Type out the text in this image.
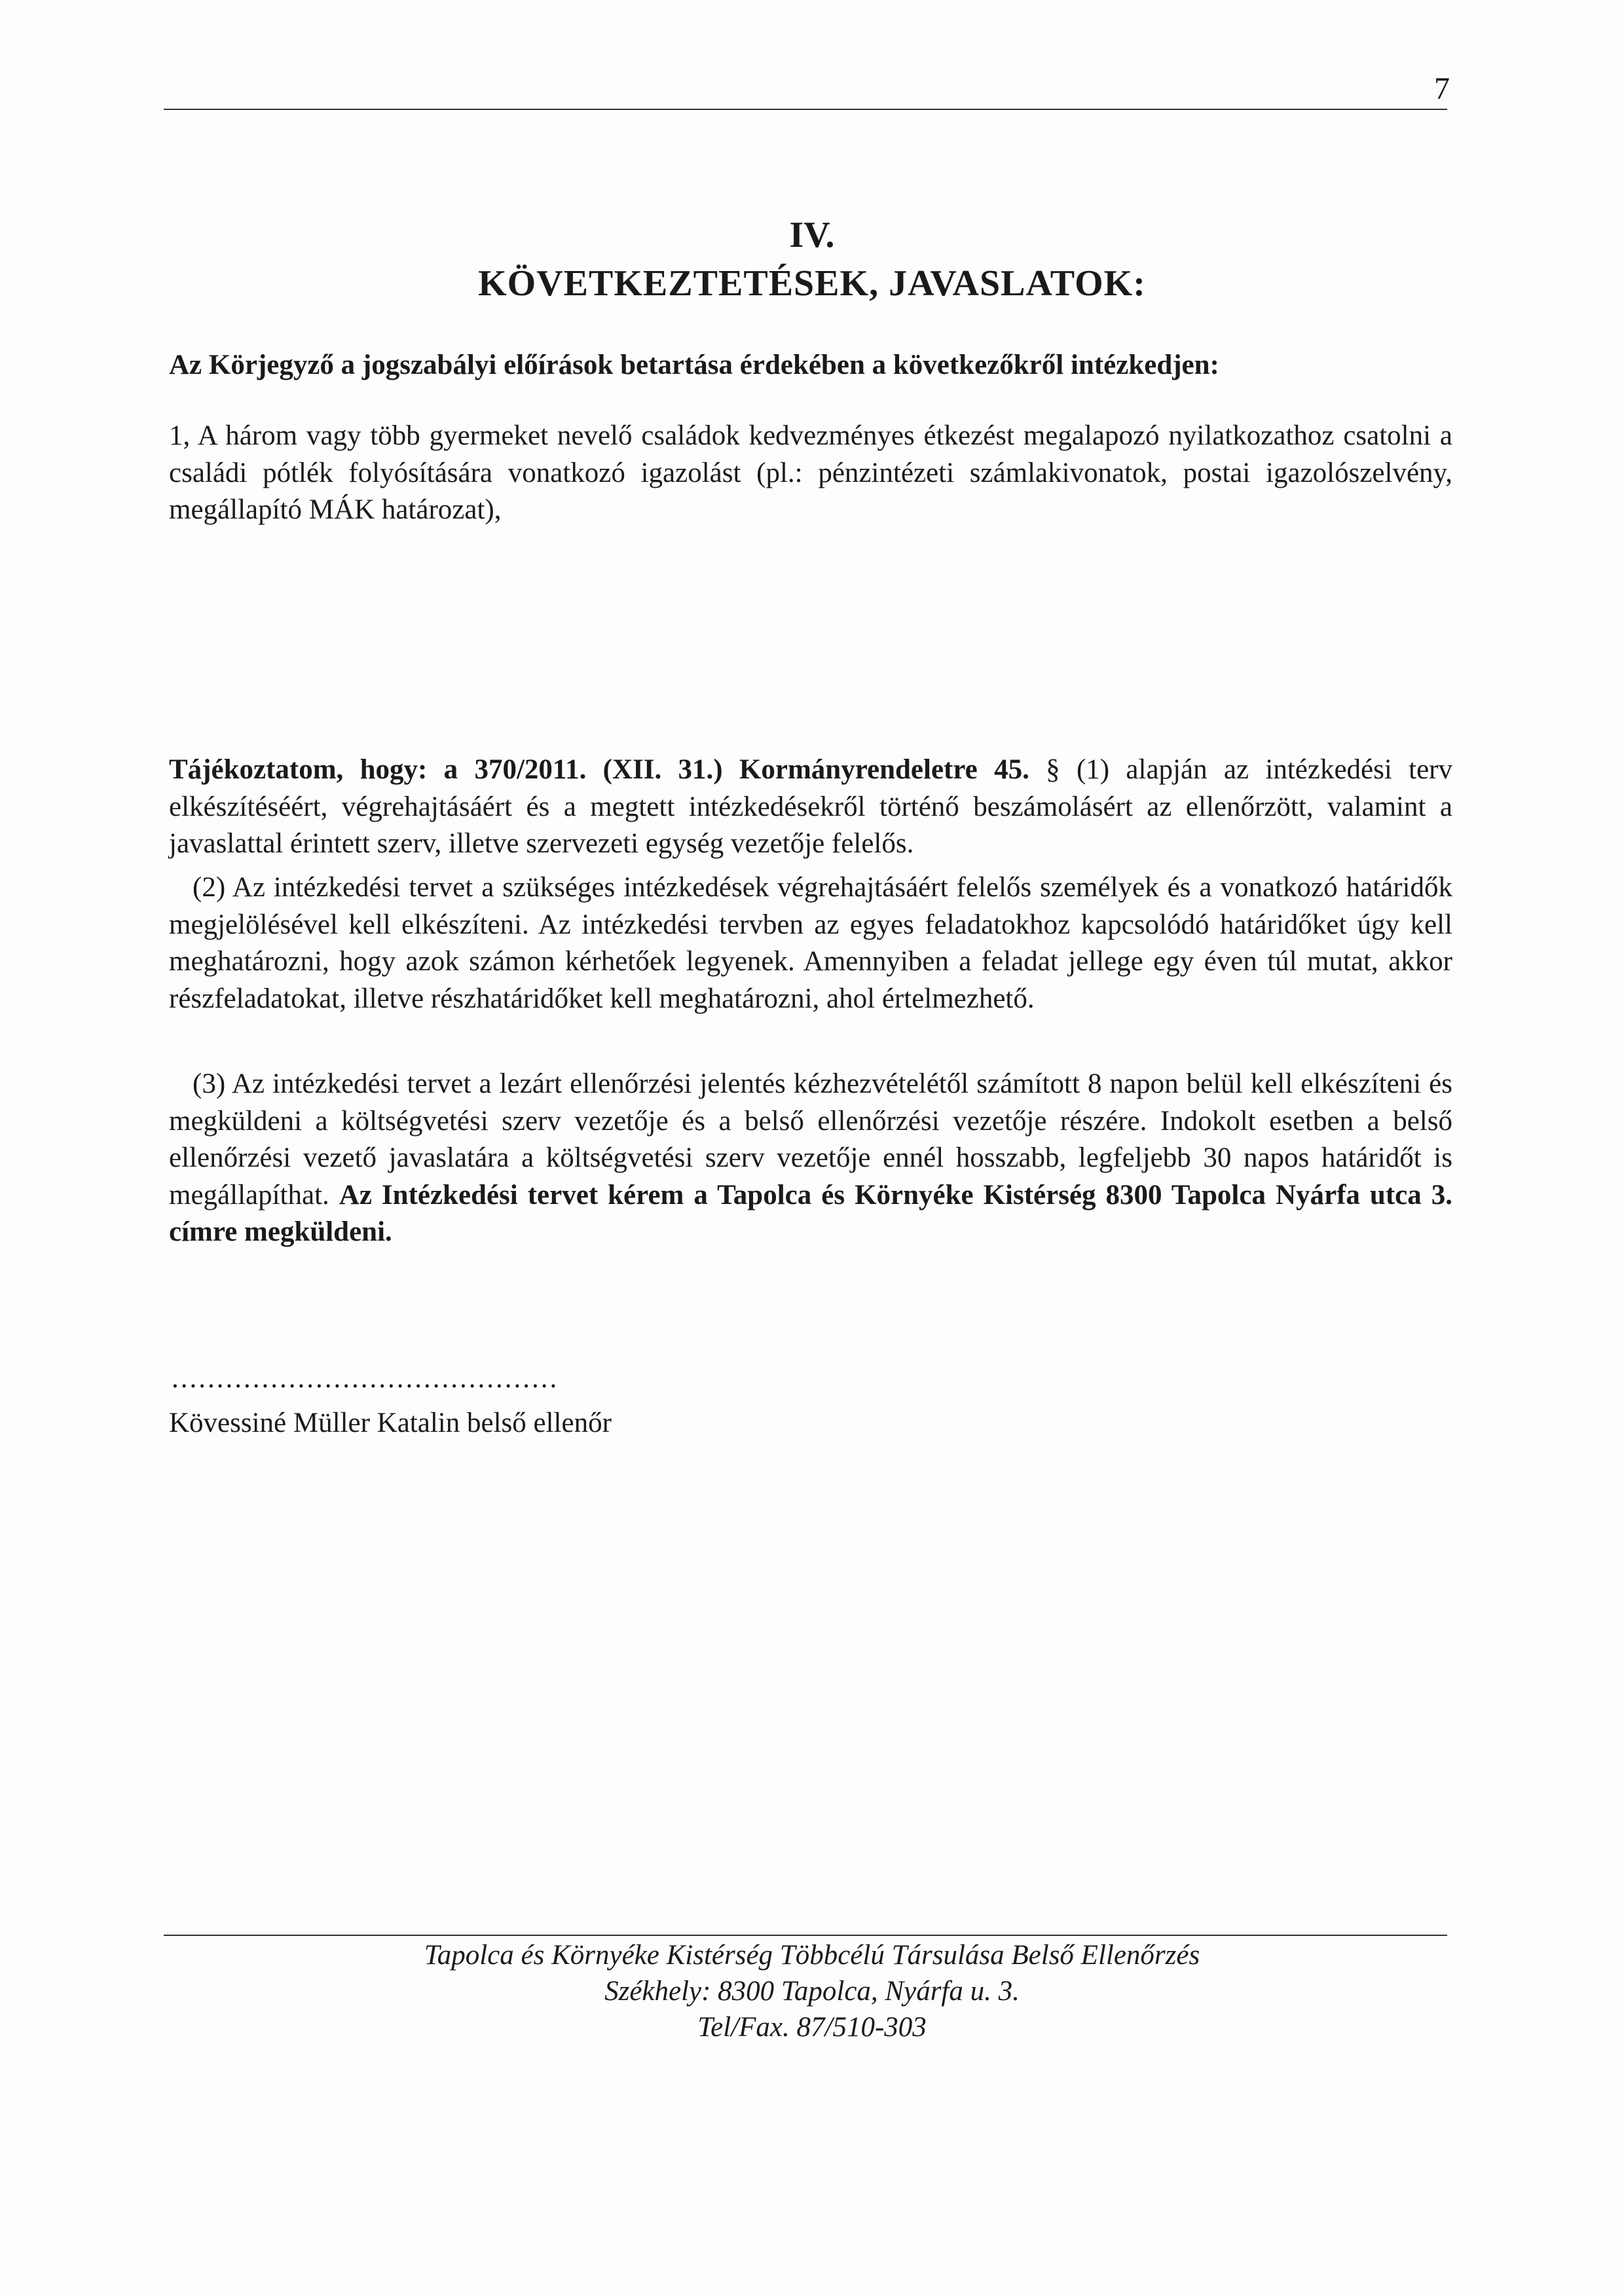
7
IV.
KÖVETKEZTETÉSEK, JAVASLATOK:
Az Körjegyző a jogszabályi előírások betartása érdekében a következőkről intézkedjen:

1, A három vagy több gyermeket nevelő családok kedvezményes étkezést megalapozó nyilatkozathoz csatolni a családi pótlék folyósítására vonatkozó igazolást (pl.: pénzintézeti számlakivonatok, postai igazolószelvény, megállapító MÁK határozat),

Tájékoztatom, hogy: a 370/2011. (XII. 31.) Kormányrendeletre 45. § (1) alapján az intézkedési terv elkészítéséért, végrehajtásáért és a megtett intézkedésekről történő beszámolásért az ellenőrzött, valamint a javaslattal érintett szerv, illetve szervezeti egység vezetője felelős.

(2) Az intézkedési tervet a szükséges intézkedések végrehajtásáért felelős személyek és a vonatkozó határidők megjelölésével kell elkészíteni. Az intézkedési tervben az egyes feladatokhoz kapcsolódó határidőket úgy kell meghatározni, hogy azok számon kérhetőek legyenek. Amennyiben a feladat jellege egy éven túl mutat, akkor részfeladatokat, illetve részhatáridőket kell meghatározni, ahol értelmezhető.

(3) Az intézkedési tervet a lezárt ellenőrzési jelentés kézhezvételétől számított 8 napon belül kell elkészíteni és megküldeni a költségvetési szerv vezetője és a belső ellenőrzési vezetője részére. Indokolt esetben a belső ellenőrzési vezető javaslatára a költségvetési szerv vezetője ennél hosszabb, legfeljebb 30 napos határidőt is megállapíthat. Az Intézkedési tervet kérem a Tapolca és Környéke Kistérség 8300 Tapolca Nyárfa utca 3. címre megküldeni.

...........................................
Kövessiné Müller Katalin belső ellenőr
Tapolca és Környéke Kistérség Többcélú Társulása Belső Ellenőrzés
Székhely: 8300 Tapolca, Nyárfa u. 3.
Tel/Fax. 87/510-303
